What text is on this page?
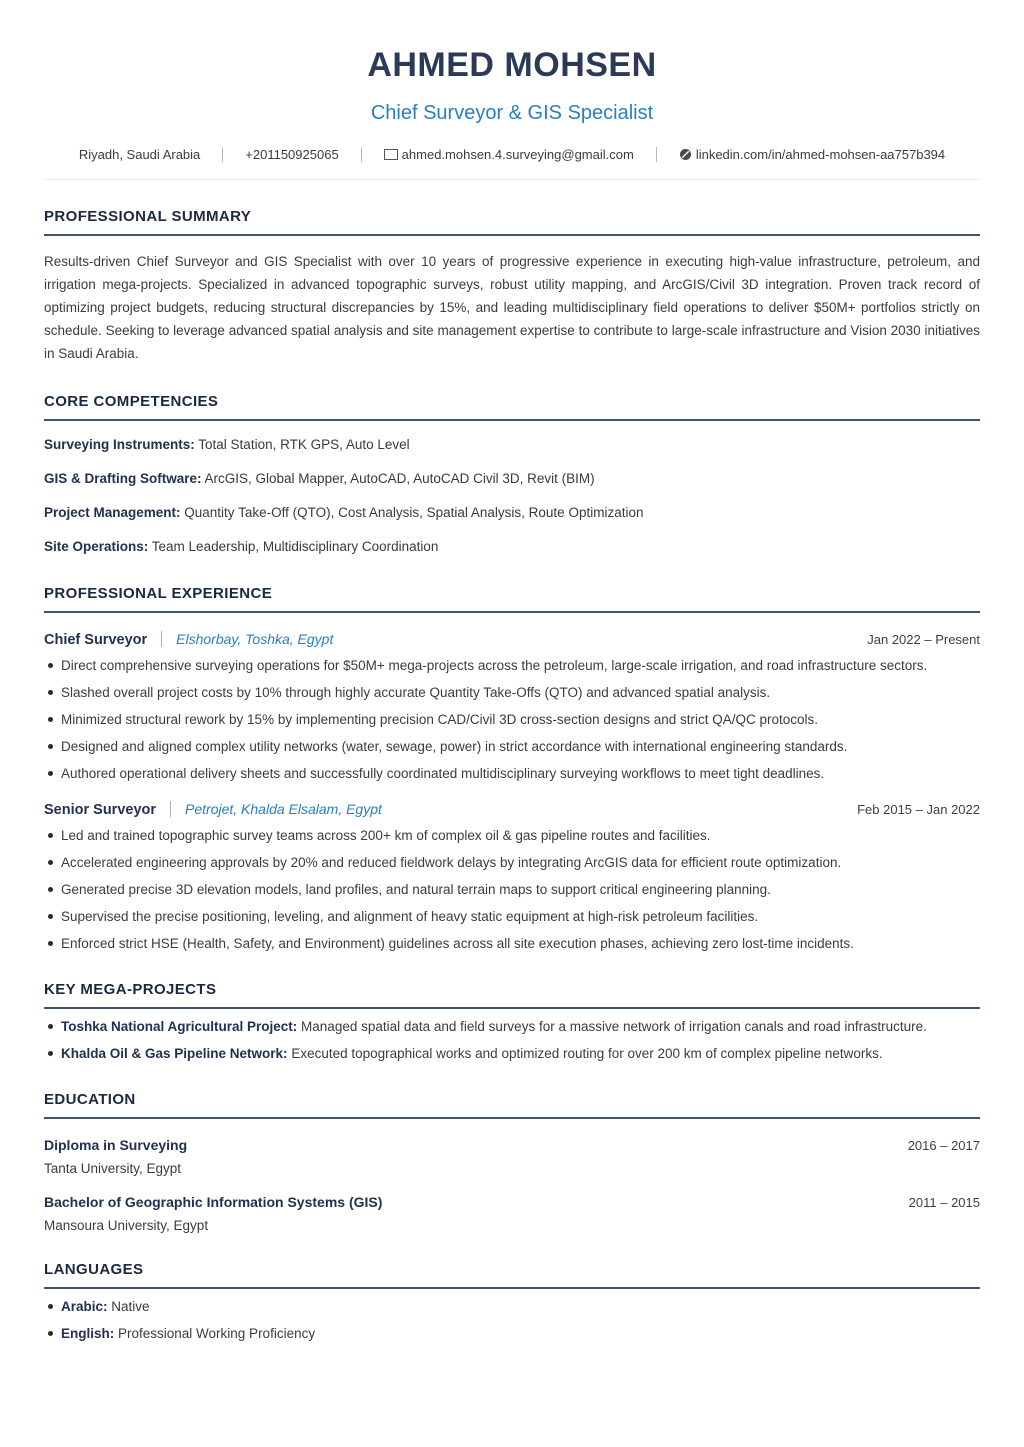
AHMED MOHSEN
Chief Surveyor & GIS Specialist
Riyadh, Saudi Arabia	+201150925065	ahmed.mohsen.4.surveying@gmail.com	linkedin.com/in/ahmed-mohsen-aa757b394
PROFESSIONAL SUMMARY

Results-driven Chief Surveyor and GIS Specialist with over 10 years of progressive experience in executing high-value infrastructure, petroleum, and irrigation mega-projects. Specialized in advanced topographic surveys, robust utility mapping, and ArcGIS/Civil 3D integration. Proven track record of optimizing project budgets, reducing structural discrepancies by 15%, and leading multidisciplinary field operations to deliver $50M+ portfolios strictly on schedule. Seeking to leverage advanced spatial analysis and site management expertise to contribute to large-scale infrastructure and Vision 2030 initiatives in Saudi Arabia.

CORE COMPETENCIES
Surveying Instruments: Total Station, RTK GPS, Auto Level
GIS & Drafting Software: ArcGIS, Global Mapper, AutoCAD, AutoCAD Civil 3D, Revit (BIM)
Project Management: Quantity Take-Off (QTO), Cost Analysis, Spatial Analysis, Route Optimization
Site Operations: Team Leadership, Multidisciplinary Coordination
PROFESSIONAL EXPERIENCE
Chief Surveyor	Elshorbay, Toshka, Egypt	Jan 2022 – Present
Direct comprehensive surveying operations for $50M+ mega-projects across the petroleum, large-scale irrigation, and road infrastructure sectors.
Slashed overall project costs by 10% through highly accurate Quantity Take-Offs (QTO) and advanced spatial analysis.
Minimized structural rework by 15% by implementing precision CAD/Civil 3D cross-section designs and strict QA/QC protocols.
Designed and aligned complex utility networks (water, sewage, power) in strict accordance with international engineering standards.
Authored operational delivery sheets and successfully coordinated multidisciplinary surveying workflows to meet tight deadlines.
Senior Surveyor	Petrojet, Khalda Elsalam, Egypt	Feb 2015 – Jan 2022
Led and trained topographic survey teams across 200+ km of complex oil & gas pipeline routes and facilities.
Accelerated engineering approvals by 20% and reduced fieldwork delays by integrating ArcGIS data for efficient route optimization.
Generated precise 3D elevation models, land profiles, and natural terrain maps to support critical engineering planning.
Supervised the precise positioning, leveling, and alignment of heavy static equipment at high-risk petroleum facilities.
Enforced strict HSE (Health, Safety, and Environment) guidelines across all site execution phases, achieving zero lost-time incidents.
KEY MEGA-PROJECTS
Toshka National Agricultural Project: Managed spatial data and field surveys for a massive network of irrigation canals and road infrastructure.
Khalda Oil & Gas Pipeline Network: Executed topographical works and optimized routing for over 200 km of complex pipeline networks.
EDUCATION
Diploma in Surveying	2016 – 2017
Tanta University, Egypt
Bachelor of Geographic Information Systems (GIS)	2011 – 2015
Mansoura University, Egypt
LANGUAGES
Arabic: Native
English: Professional Working Proficiency
